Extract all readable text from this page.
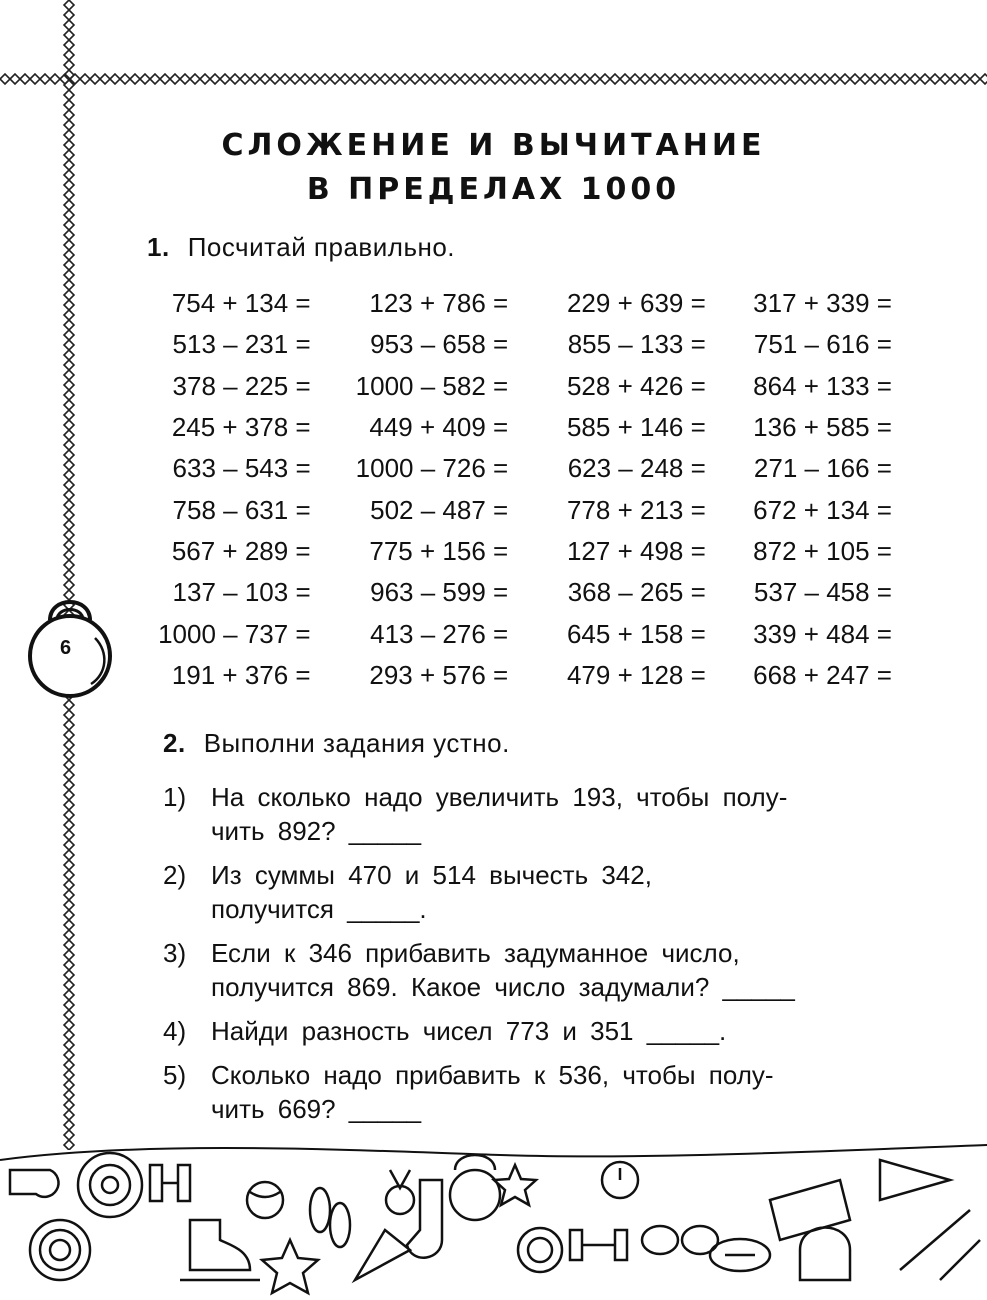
СЛОЖЕНИЕ И ВЫЧИТАНИЕ
В ПРЕДЕЛАХ 1000
1. Посчитай правильно.
754 + 134 =	123 + 786 =	229 + 639 =	317 + 339 =
513 – 231 =	953 – 658 =	855 – 133 =	751 – 616 =
378 – 225 =	1000 – 582 =	528 + 426 =	864 + 133 =
245 + 378 =	449 + 409 =	585 + 146 =	136 + 585 =
633 – 543 =	1000 – 726 =	623 – 248 =	271 – 166 =
758 – 631 =	502 – 487 =	778 + 213 =	672 + 134 =
567 + 289 =	775 + 156 =	127 + 498 =	872 + 105 =
137 – 103 =	963 – 599 =	368 – 265 =	537 – 458 =
1000 – 737 =	413 – 276 =	645 + 158 =	339 + 484 =
191 + 376 =	293 + 576 =	479 + 128 =	668 + 247 =
6
2. Выполни задания устно.
1) На сколько надо увеличить 193, чтобы полу-
чить 892? _____
2) Из суммы 470 и 514 вычесть 342,
получится _____.
3) Если к 346 прибавить задуманное число,
получится 869. Какое число задумали? _____
4) Найди разность чисел 773 и 351 _____.
5) Сколько надо прибавить к 536, чтобы полу-
чить 669? _____
